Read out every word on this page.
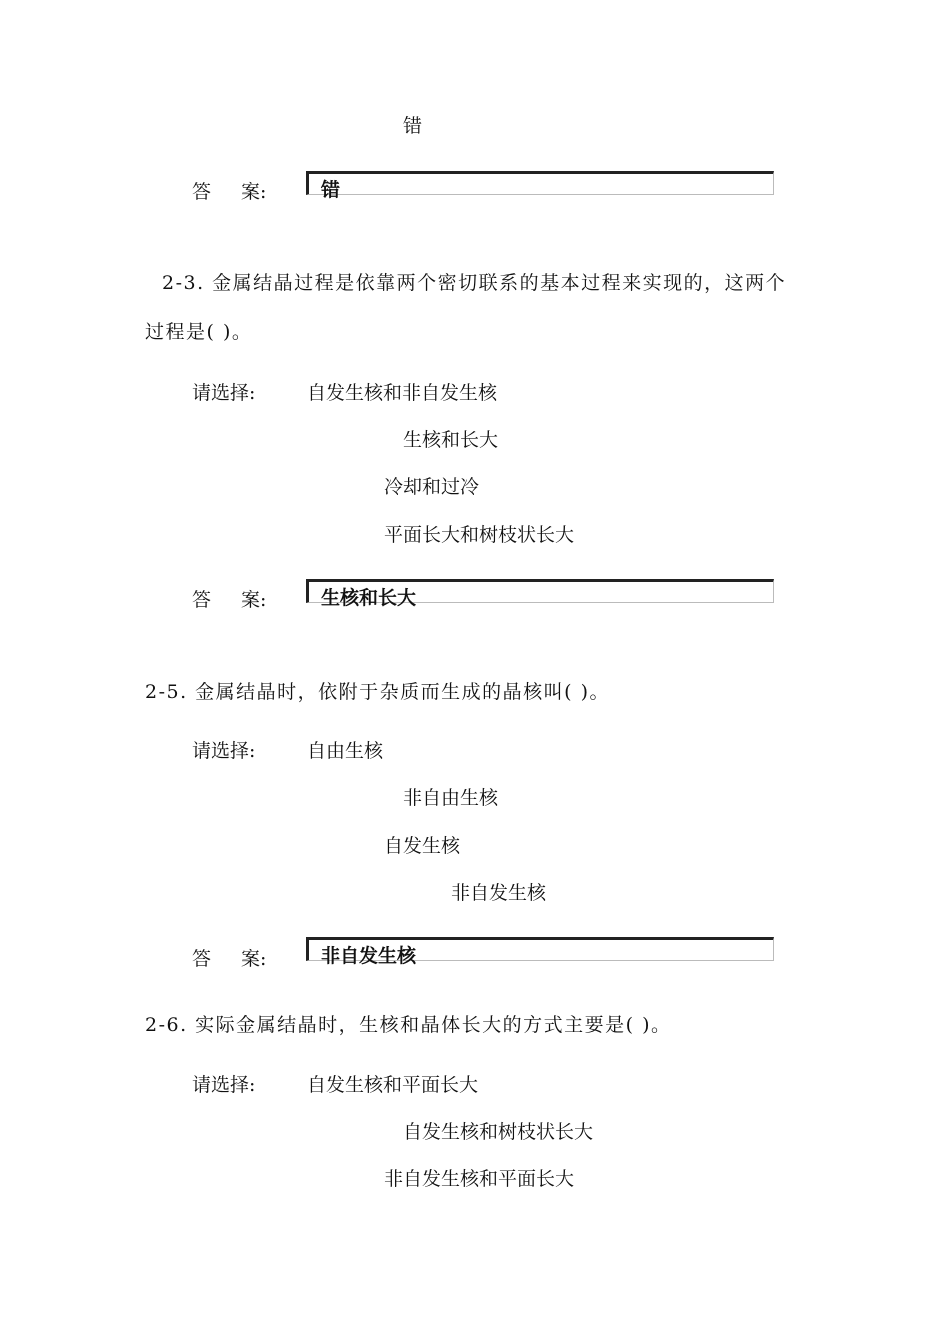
错
答 案:	错
2-3. 金属结晶过程是依靠两个密切联系的基本过程来实现的，这两个
过程是( )。
请选择:	自发生核和非自发生核
生核和长大
冷却和过冷
平面长大和树枝状长大
答 案:	生核和长大
2-5. 金属结晶时，依附于杂质而生成的晶核叫( )。
请选择:	自由生核
非自由生核
自发生核
非自发生核
答 案:	非自发生核
2-6. 实际金属结晶时，生核和晶体长大的方式主要是( )。
请选择:	自发生核和平面长大
自发生核和树枝状长大
非自发生核和平面长大
